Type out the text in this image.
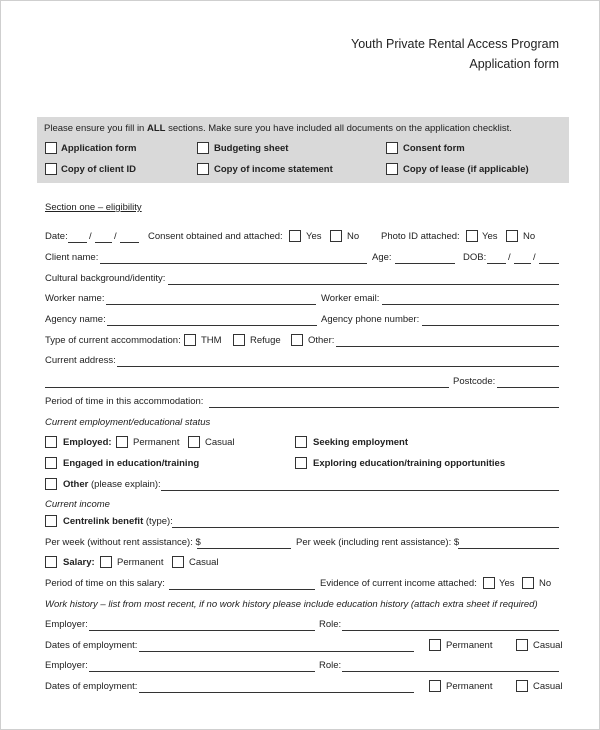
Youth Private Rental Access Program
Application form
Please ensure you fill in ALL sections. Make sure you have included all documents on the application checklist.
Application form	Budgeting sheet	Consent form
Copy of client ID	Copy of income statement	Copy of lease (if applicable)
Section one – eligibility
Date: / /	Consent obtained and attached: Yes	No Photo ID attached: Yes	No
Client name:	Age:	DOB: / /
Cultural background/identity:
Worker name:	Worker email:
Agency name:	Agency phone number:
Type of current accommodation: THM	Refuge	Other:
Current address:
Postcode:
Period of time in this accommodation:
Current employment/educational status
Employed: Permanent	Casual	Seeking employment
Engaged in education/training	Exploring education/training opportunities
Other (please explain):
Current income
Centrelink benefit (type):
Per week (without rent assistance): $	Per week (including rent assistance): $
Salary: Permanent	Casual
Period of time on this salary:	Evidence of current income attached: Yes	No
Work history – list from most recent, if no work history please include education history (attach extra sheet if required)
Employer:	Role:
Dates of employment:	Permanent	Casual
Employer:	Role:
Dates of employment:	Permanent	Casual
